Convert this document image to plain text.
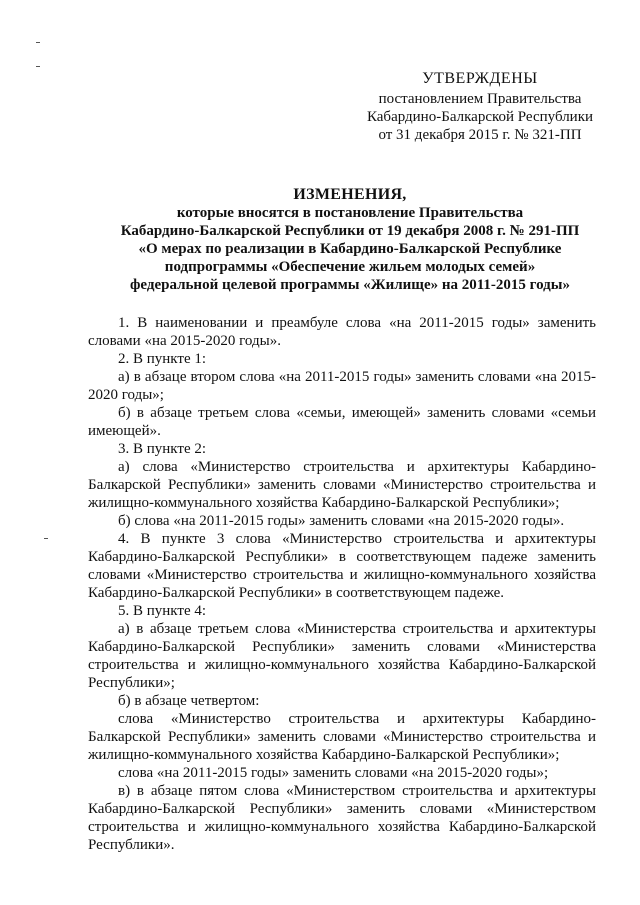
УТВЕРЖДЕНЫ
постановлением Правительства
Кабардино-Балкарской Республики
от 31 декабря 2015 г. № 321-ПП
ИЗМЕНЕНИЯ,
которые вносятся в постановление Правительства
Кабардино-Балкарской Республики от 19 декабря 2008 г. № 291-ПП
«О мерах по реализации в Кабардино-Балкарской Республике
подпрограммы «Обеспечение жильем молодых семей»
федеральной целевой программы «Жилище» на 2011-2015 годы»

1. В наименовании и преамбуле слова «на 2011-2015 годы» заменить словами «на 2015-2020 годы».

2. В пункте 1:

а) в абзаце втором слова «на 2011-2015 годы» заменить словами «на 2015-2020 годы»;

б) в абзаце третьем слова «семьи, имеющей» заменить словами «семьи имеющей».

3. В пункте 2:

а) слова «Министерство строительства и архитектуры Кабардино-Балкарской Республики» заменить словами «Министерство строительства и жилищно-коммунального хозяйства Кабардино-Балкарской Республики»;

б) слова «на 2011-2015 годы» заменить словами «на 2015-2020 годы».

4. В пункте 3 слова «Министерство строительства и архитектуры Кабардино-Балкарской Республики» в соответствующем падеже заменить словами «Министерство строительства и жилищно-коммунального хозяйства Кабардино-Балкарской Республики» в соответствующем падеже.

5. В пункте 4:

а) в абзаце третьем слова «Министерства строительства и архитектуры Кабардино-Балкарской Республики» заменить словами «Министерства строительства и жилищно-коммунального хозяйства Кабардино-Балкарской Республики»;

б) в абзаце четвертом:

слова «Министерство строительства и архитектуры Кабардино-Балкарской Республики» заменить словами «Министерство строительства и жилищно-коммунального хозяйства Кабардино-Балкарской Республики»;

слова «на 2011-2015 годы» заменить словами «на 2015-2020 годы»;

в) в абзаце пятом слова «Министерством строительства и архитектуры Кабардино-Балкарской Республики» заменить словами «Министерством строительства и жилищно-коммунального хозяйства Кабардино-Балкарской Республики».
